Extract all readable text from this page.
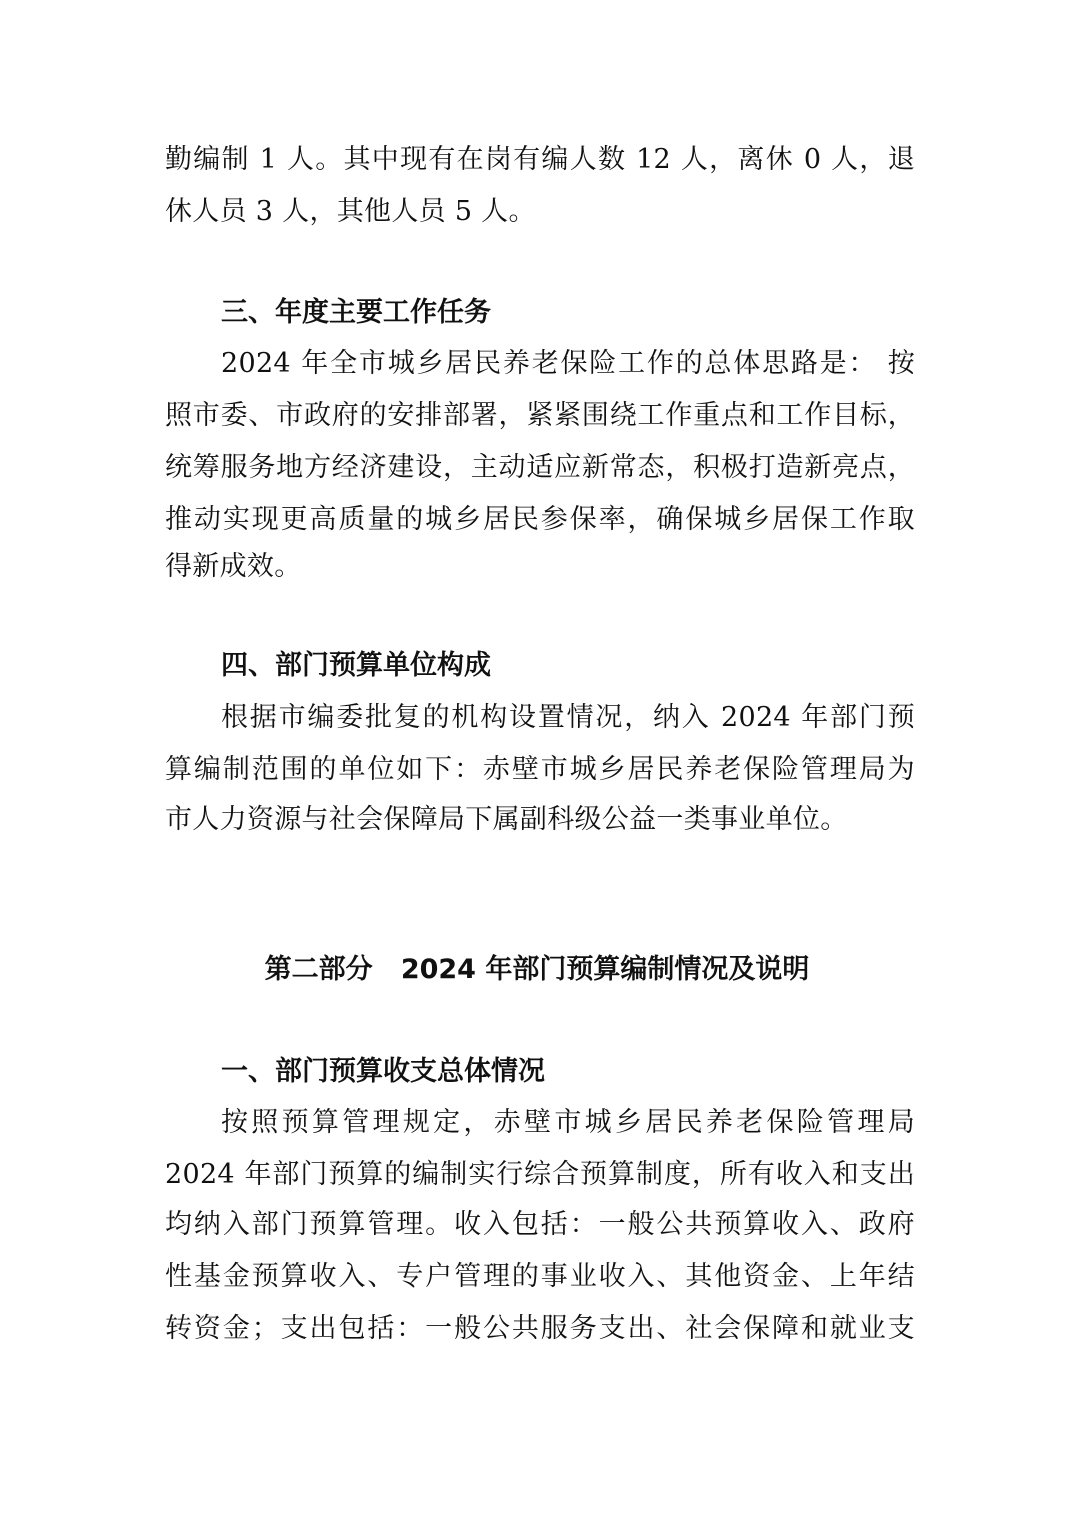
勤编制 1 人。其中现有在岗有编人数 12 人，离休 0 人，退
休人员 3 人，其他人员 5 人。
三、年度主要工作任务
2024 年全市城乡居民养老保险工作的总体思路是： 按
照市委、市政府的安排部署，紧紧围绕工作重点和工作目标，
统筹服务地方经济建设，主动适应新常态，积极打造新亮点，
推动实现更高质量的城乡居民参保率，确保城乡居保工作取
得新成效。
四、部门预算单位构成
根据市编委批复的机构设置情况，纳入 2024 年部门预
算编制范围的单位如下：赤壁市城乡居民养老保险管理局为
市人力资源与社会保障局下属副科级公益一类事业单位。
第二部分   2024 年部门预算编制情况及说明
一、部门预算收支总体情况
按照预算管理规定，赤壁市城乡居民养老保险管理局
2024 年部门预算的编制实行综合预算制度，所有收入和支出
均纳入部门预算管理。收入包括：一般公共预算收入、政府
性基金预算收入、专户管理的事业收入、其他资金、上年结
转资金；支出包括：一般公共服务支出、社会保障和就业支
